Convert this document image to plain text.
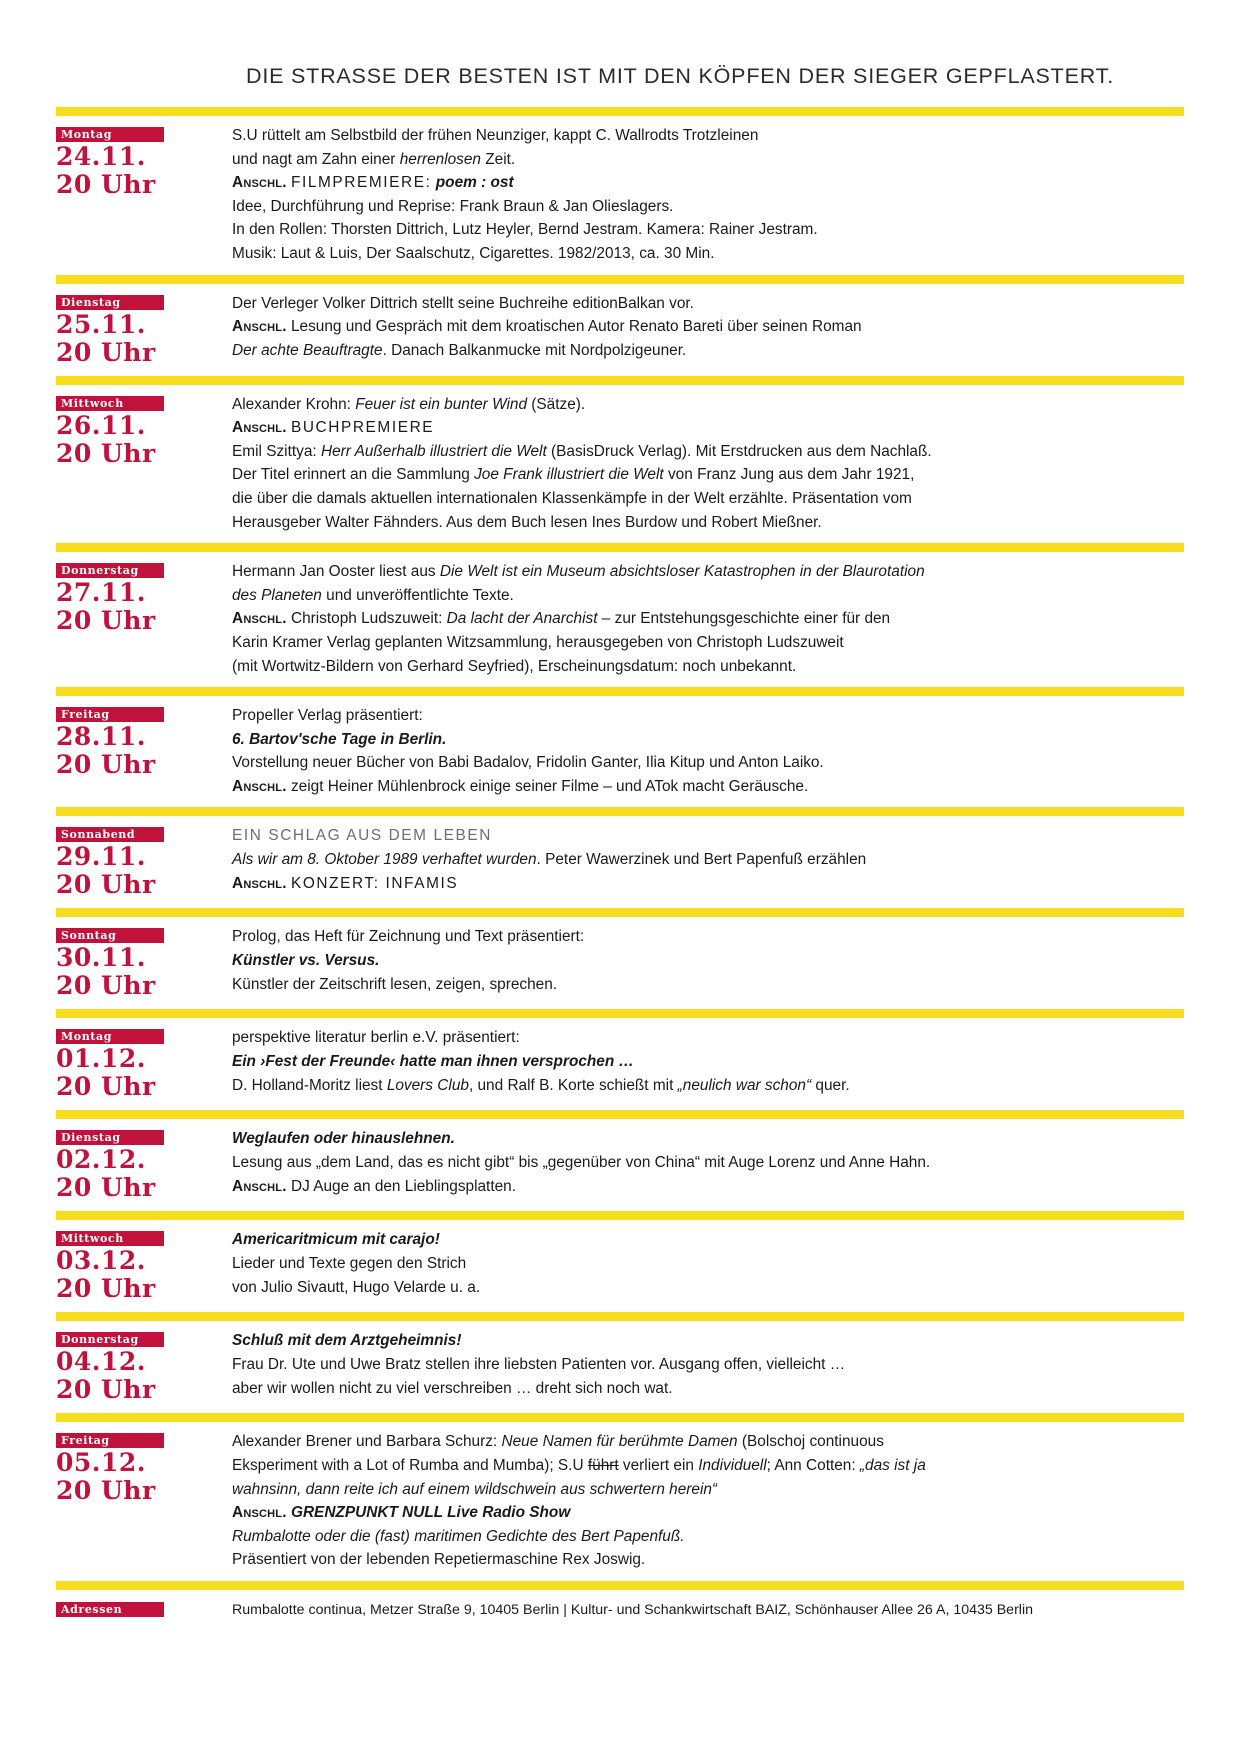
DIE STRASSE DER BESTEN IST MIT DEN KÖPFEN DER SIEGER GEPFLASTERT.
Montag
24.11.
20 Uhr

S.U rüttelt am Selbstbild der frühen Neunziger, kappt C. Wallrodts Trotzleinen

und nagt am Zahn einer herrenlosen Zeit.

Anschl. FILMPREMIERE: poem : ost

Idee, Durchführung und Reprise: Frank Braun & Jan Olieslagers.

In den Rollen: Thorsten Dittrich, Lutz Heyler, Bernd Jestram. Kamera: Rainer Jestram.

Musik: Laut & Luis, Der Saalschutz, Cigarettes. 1982/2013, ca. 30 Min.

Dienstag
25.11.
20 Uhr

Der Verleger Volker Dittrich stellt seine Buchreihe editionBalkan vor.

Anschl. Lesung und Gespräch mit dem kroatischen Autor Renato Bareti über seinen Roman

Der achte Beauftragte. Danach Balkanmucke mit Nordpolzigeuner.

Mittwoch
26.11.
20 Uhr

Alexander Krohn: Feuer ist ein bunter Wind (Sätze).

Anschl. BUCHPREMIERE

Emil Szittya: Herr Außerhalb illustriert die Welt (BasisDruck Verlag). Mit Erstdrucken aus dem Nachlaß.

Der Titel erinnert an die Sammlung Joe Frank illustriert die Welt von Franz Jung aus dem Jahr 1921,

die über die damals aktuellen internationalen Klassenkämpfe in der Welt erzählte. Präsentation vom

Herausgeber Walter Fähnders. Aus dem Buch lesen Ines Burdow und Robert Mießner.

Donnerstag
27.11.
20 Uhr

Hermann Jan Ooster liest aus Die Welt ist ein Museum absichtsloser Katastrophen in der Blaurotation

des Planeten und unveröffentlichte Texte.

Anschl. Christoph Ludszuweit: Da lacht der Anarchist – zur Entstehungsgeschichte einer für den

Karin Kramer Verlag geplanten Witzsammlung, herausgegeben von Christoph Ludszuweit

(mit Wortwitz-Bildern von Gerhard Seyfried), Erscheinungsdatum: noch unbekannt.

Freitag
28.11.
20 Uhr

Propeller Verlag präsentiert:

6. Bartov'sche Tage in Berlin.

Vorstellung neuer Bücher von Babi Badalov, Fridolin Ganter, Ilia Kitup und Anton Laiko.

Anschl. zeigt Heiner Mühlenbrock einige seiner Filme – und ATok macht Geräusche.

Sonnabend
29.11.
20 Uhr

EIN SCHLAG AUS DEM LEBEN

Als wir am 8. Oktober 1989 verhaftet wurden. Peter Wawerzinek und Bert Papenfuß erzählen

Anschl. KONZERT: INFAMIS

Sonntag
30.11.
20 Uhr

Prolog, das Heft für Zeichnung und Text präsentiert:

Künstler vs. Versus.

Künstler der Zeitschrift lesen, zeigen, sprechen.

Montag
01.12.
20 Uhr

perspektive literatur berlin e.V. präsentiert:

Ein ›Fest der Freunde‹ hatte man ihnen versprochen …

D. Holland-Moritz liest Lovers Club, und Ralf B. Korte schießt mit „neulich war schon“ quer.

Dienstag
02.12.
20 Uhr

Weglaufen oder hinauslehnen.

Lesung aus „dem Land, das es nicht gibt“ bis „gegenüber von China“ mit Auge Lorenz und Anne Hahn.

Anschl. DJ Auge an den Lieblingsplatten.

Mittwoch
03.12.
20 Uhr

Americaritmicum mit carajo!

Lieder und Texte gegen den Strich

von Julio Sivautt, Hugo Velarde u. a.

Donnerstag
04.12.
20 Uhr

Schluß mit dem Arztgeheimnis!

Frau Dr. Ute und Uwe Bratz stellen ihre liebsten Patienten vor. Ausgang offen, vielleicht …

aber wir wollen nicht zu viel verschreiben … dreht sich noch wat.

Freitag
05.12.
20 Uhr

Alexander Brener und Barbara Schurz: Neue Namen für berühmte Damen (Bolschoj continuous

Eksperiment with a Lot of Rumba and Mumba); S.U führt verliert ein Individuell; Ann Cotten: „das ist ja

wahnsinn, dann reite ich auf einem wildschwein aus schwertern herein“

Anschl. GRENZPUNKT NULL Live Radio Show

Rumbalotte oder die (fast) maritimen Gedichte des Bert Papenfuß.

Präsentiert von der lebenden Repetiermaschine Rex Joswig.

Adressen	Rumbalotte continua, Metzer Straße 9, 10405 Berlin | Kultur- und Schankwirtschaft BAIZ, Schönhauser Allee 26 A, 10435 Berlin
